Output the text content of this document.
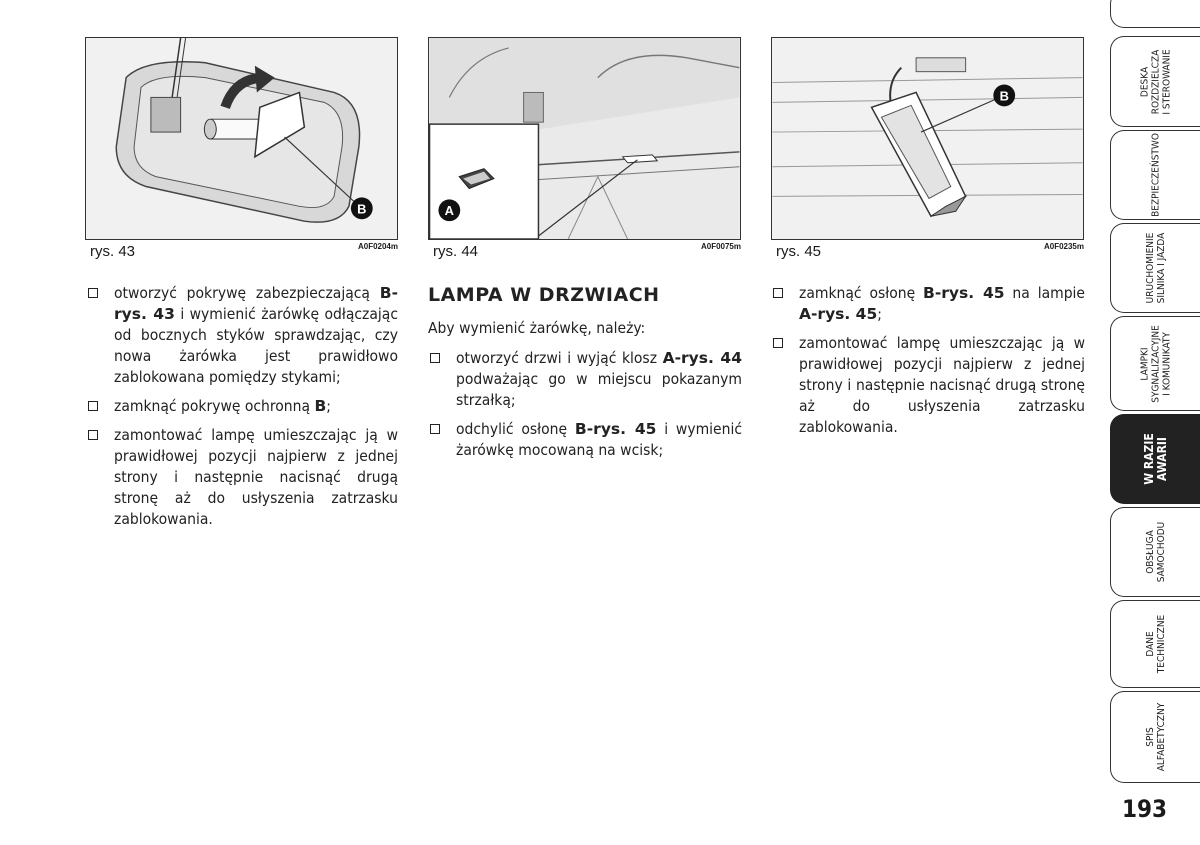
B
rys. 43	A0F0204m
A
rys. 44	A0F0075m
B
rys. 45	A0F0235m
otworzyć pokrywę zabezpieczającą B-rys. 43 i wymienić żarówkę odłączając od bocznych styków sprawdzając, czy nowa żarówka jest prawidłowo zablokowana pomiędzy stykami;
zamknąć pokrywę ochronną B;
zamontować lampę umieszczając ją w prawidłowej pozycji najpierw z jednej strony i następnie nacisnąć drugą stronę aż do usłyszenia zatrzasku zablokowania.
LAMPA W DRZWIACH

Aby wymienić żarówkę, należy:

otworzyć drzwi i wyjąć klosz A-rys. 44 podważając go w miejscu pokazanym strzałką;
odchylić osłonę B-rys. 45 i wymienić żarówkę mocowaną na wcisk;
zamknąć osłonę B-rys. 45 na lampie A-rys. 45;
zamontować lampę umieszczając ją w prawidłowej pozycji najpierw z jednej strony i następnie nacisnąć drugą stronę aż do usłyszenia zatrzasku zablokowania.
DESKA
ROZDZIELCZA
I STEROWANIE
BEZPIECZEŃSTWO
URUCHOMIENIE
SILNIKA I JAZDA
LAMPKI
SYGNALIZACYJNE
I KOMUNIKATY
W RAZIE
AWARII
OBSŁUGA
SAMOCHODU
DANE
TECHNICZNE
SPIS
ALFABETYCZNY
193
